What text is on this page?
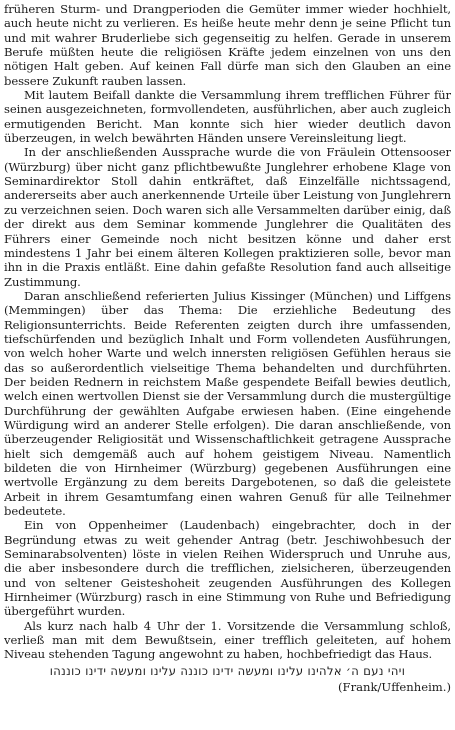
früheren Sturm- und Drangperioden die Gemüter immer wieder hochhielt, auch heute nicht zu verlieren. Es heiße heute mehr denn je seine Pflicht tun und mit wahrer Bruderliebe sich gegenseitig zu helfen. Gerade in unserem Berufe müßten heute die religiösen Kräfte jedem einzelnen von uns den nötigen Halt geben. Auf keinen Fall dürfe man sich den Glauben an eine bessere Zukunft rauben lassen.

Mit lautem Beifall dankte die Versammlung ihrem trefflichen Führer für seinen ausgezeichneten, formvollendeten, ausführlichen, aber auch zugleich ermutigenden Bericht. Man konnte sich hier wieder deutlich davon überzeugen, in welch bewährten Händen unsere Vereinsleitung liegt.

In der anschließenden Aussprache wurde die von Fräulein Ottensooser (Würzburg) über nicht ganz pflichtbewußte Junglehrer erhobene Klage von Seminardirektor Stoll dahin entkräftet, daß Einzelfälle nichtssagend, andererseits aber auch anerkennende Urteile über Leistung von Junglehrern zu verzeichnen seien. Doch waren sich alle Versammelten darüber einig, daß der direkt aus dem Seminar kommende Junglehrer die Qualitäten des Führers einer Gemeinde noch nicht besitzen könne und daher erst mindestens 1 Jahr bei einem älteren Kollegen praktizieren solle, bevor man ihn in die Praxis entläßt. Eine dahin gefaßte Resolution fand auch allseitige Zustimmung.

Daran anschließend referierten Julius Kissinger (München) und Liffgens (Memmingen) über das Thema: Die erziehliche Bedeutung des Religionsunterrichts. Beide Referenten zeigten durch ihre umfassenden, tiefschürfenden und bezüglich Inhalt und Form vollendeten Ausführungen, von welch hoher Warte und welch innersten religiösen Gefühlen heraus sie das so außerordentlich vielseitige Thema behandelten und durchführten. Der beiden Rednern in reichstem Maße gespendete Beifall bewies deutlich, welch einen wertvollen Dienst sie der Versammlung durch die mustergültige Durchführung der gewählten Aufgabe erwiesen haben. (Eine eingehende Würdigung wird an anderer Stelle erfolgen). Die daran anschließende, von überzeugender Religiosität und Wissenschaftlichkeit getragene Aussprache hielt sich demgemäß auch auf hohem geistigem Niveau. Namentlich bildeten die von Hirnheimer (Würzburg) gegebenen Ausführungen eine wertvolle Ergänzung zu dem bereits Dargebotenen, so daß die geleistete Arbeit in ihrem Gesamtumfang einen wahren Genuß für alle Teilnehmer bedeutete.

Ein von Oppenheimer (Laudenbach) eingebrachter, doch in der Begründung etwas zu weit gehender Antrag (betr. Jeschiwohbesuch der Seminarabsolventen) löste in vielen Reihen Widerspruch und Unruhe aus, die aber insbesondere durch die trefflichen, zielsicheren, überzeugenden und von seltener Geisteshoheit zeugenden Ausführungen des Kollegen Hirnheimer (Würzburg) rasch in eine Stimmung von Ruhe und Befriedigung übergeführt wurden.

Als kurz nach halb 4 Uhr der 1. Vorsitzende die Versammlung schloß, verließ man mit dem Bewußtsein, einer trefflich geleiteten, auf hohem Niveau stehenden Tagung angewohnt zu haben, hochbefriedigt das Haus.

ויהי נעם ה׳ אלהינו עלינו ומעשה ידינו כוננה עלינו ומעשה ידינו כוננהו

(Frank/Uffenheim.)
